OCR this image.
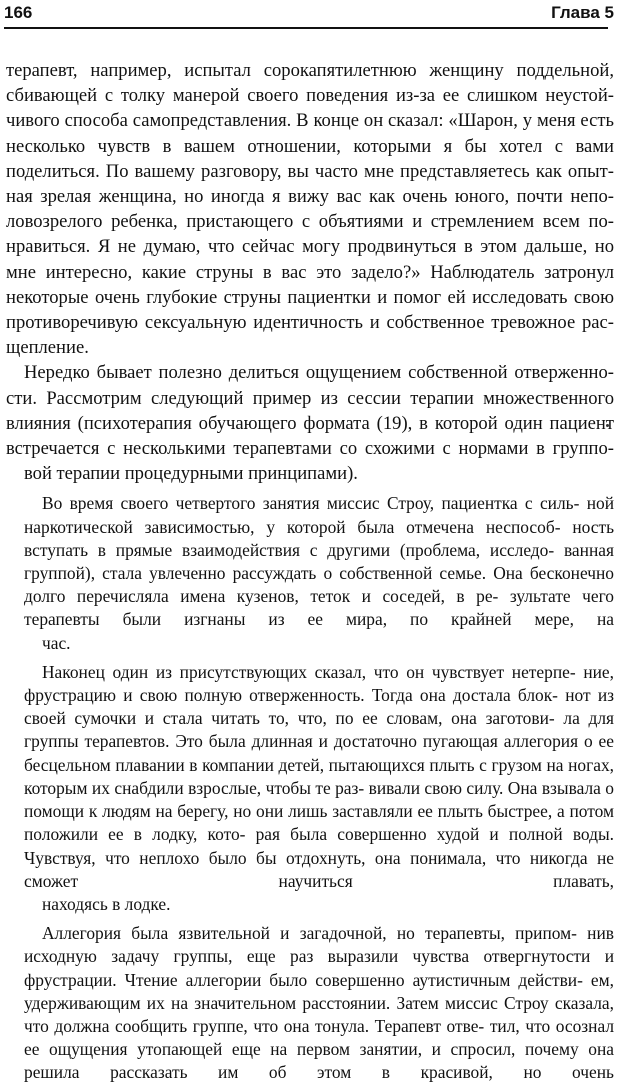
166	Глава 5

терапевт, например, испытал сорокапятилетнюю женщину поддельной, сбивающей с толку манерой своего поведения из-за ее слишком неустой- чивого способа самопредставления. В конце он сказал: «Шарон, у меня есть несколько чувств в вашем отношении, которыми я бы хотел с вами поделиться. По вашему разговору, вы часто мне представляетесь как опыт- ная зрелая женщина, но иногда я вижу вас как очень юного, почти непо- ловозрелого ребенка, пристающего с объятиями и стремлением всем по- нравиться. Я не думаю, что сейчас могу продвинуться в этом дальше, но мне интересно, какие струны в вас это задело?» Наблюдатель затронул некоторые очень глубокие струны пациентки и помог ей исследовать свою противоречивую сексуальную идентичность и собственное тревожное рас-
щепление.

Нередко бывает полезно делиться ощущением собственной отверженно- сти. Рассмотрим следующий пример из сессии терапии множественного влияния (психотерапия обучающего формата (19), в которой один пациент встречается с несколькими терапевтами со схожими с нормами в группо-
вой терапии процедурными принципами).

Во время своего четвертого занятия миссис Строу, пациентка с силь- ной наркотической зависимостью, у которой была отмечена неспособ- ность вступать в прямые взаимодействия с другими (проблема, исследо- ванная группой), стала увлеченно рассуждать о собственной семье. Она бесконечно долго перечисляла имена кузенов, теток и соседей, в ре- зультате чего терапевты были изгнаны из ее мира, по крайней мере, на
час.

Наконец один из присутствующих сказал, что он чувствует нетерпе- ние, фрустрацию и свою полную отверженность. Тогда она достала блок- нот из своей сумочки и стала читать то, что, по ее словам, она заготови- ла для группы терапевтов. Это была длинная и достаточно пугающая аллегория о ее бесцельном плавании в компании детей, пытающихся плыть с грузом на ногах, которым их снабдили взрослые, чтобы те раз- вивали свою силу. Она взывала о помощи к людям на берегу, но они лишь заставляли ее плыть быстрее, а потом положили ее в лодку, кото- рая была совершенно худой и полной воды. Чувствуя, что неплохо было бы отдохнуть, она понимала, что никогда не сможет научиться плавать,
находясь в лодке.

Аллегория была язвительной и загадочной, но терапевты, припом- нив исходную задачу группы, еще раз выразили чувства отвергнутости и фрустрации. Чтение аллегории было совершенно аутистичным действи- ем, удерживающим их на значительном расстоянии. Затем миссис Строу сказала, что должна сообщить группе, что она тонула. Терапевт отве- тил, что осознал ее ощущения утопающей еще на первом занятии, и спросил, почему она решила рассказать им об этом в красивой, но очень
